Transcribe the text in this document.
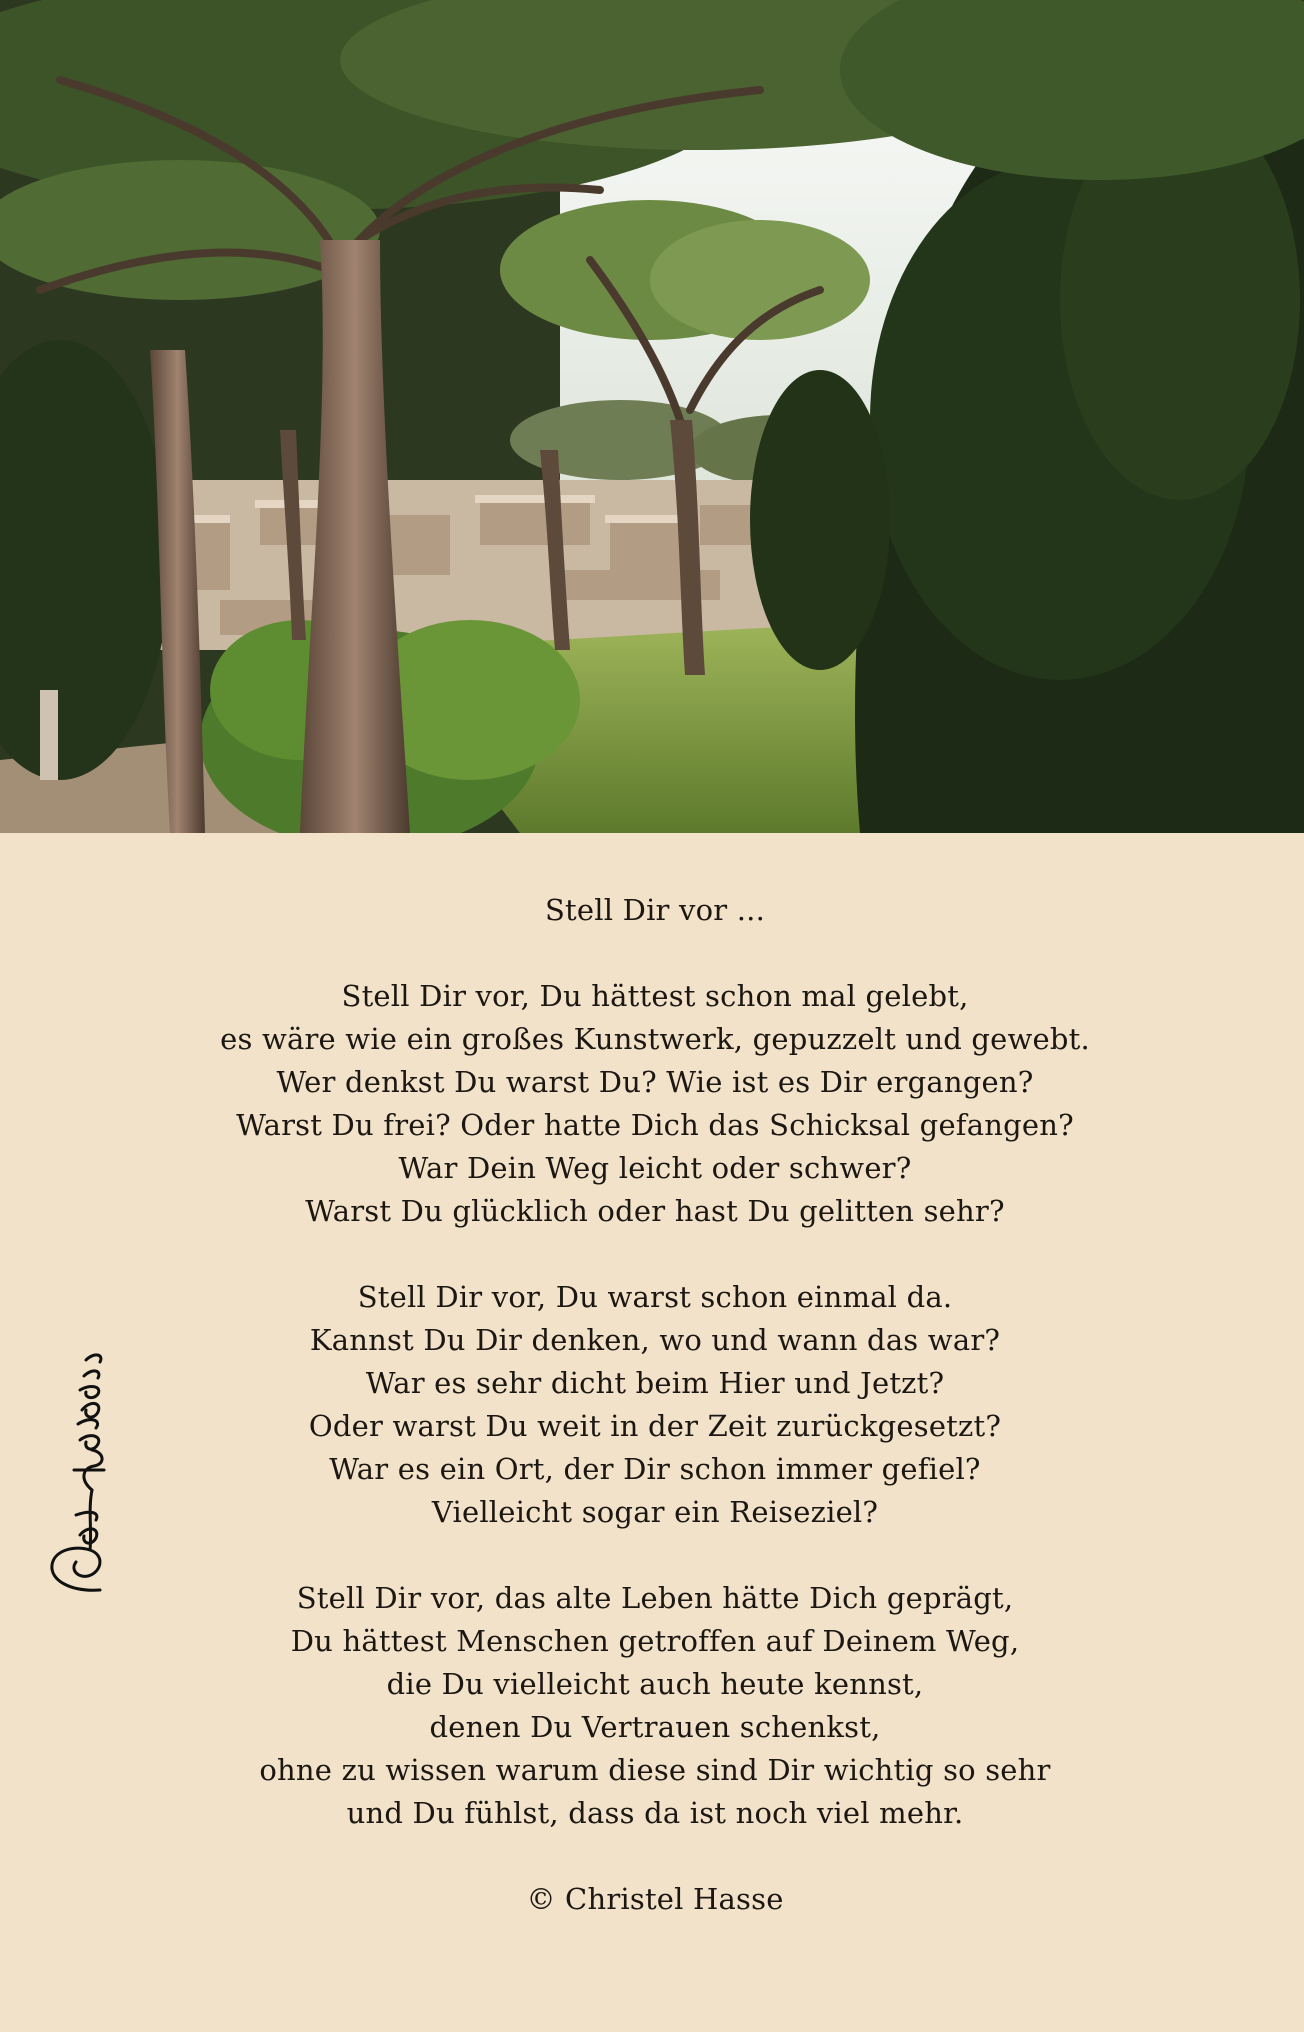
Stell Dir vor ...
Stell Dir vor, Du hättest schon mal gelebt,
es wäre wie ein großes Kunstwerk, gepuzzelt und gewebt.
Wer denkst Du warst Du? Wie ist es Dir ergangen?
Warst Du frei? Oder hatte Dich das Schicksal gefangen?
War Dein Weg leicht oder schwer?
Warst Du glücklich oder hast Du gelitten sehr?
Stell Dir vor, Du warst schon einmal da.
Kannst Du Dir denken, wo und wann das war?
War es sehr dicht beim Hier und Jetzt?
Oder warst Du weit in der Zeit zurückgesetzt?
War es ein Ort, der Dir schon immer gefiel?
Vielleicht sogar ein Reiseziel?
Stell Dir vor, das alte Leben hätte Dich geprägt,
Du hättest Menschen getroffen auf Deinem Weg,
die Du vielleicht auch heute kennst,
denen Du Vertrauen schenkst,
ohne zu wissen warum diese sind Dir wichtig so sehr
und Du fühlst, dass da ist noch viel mehr.
© Christel Hasse
